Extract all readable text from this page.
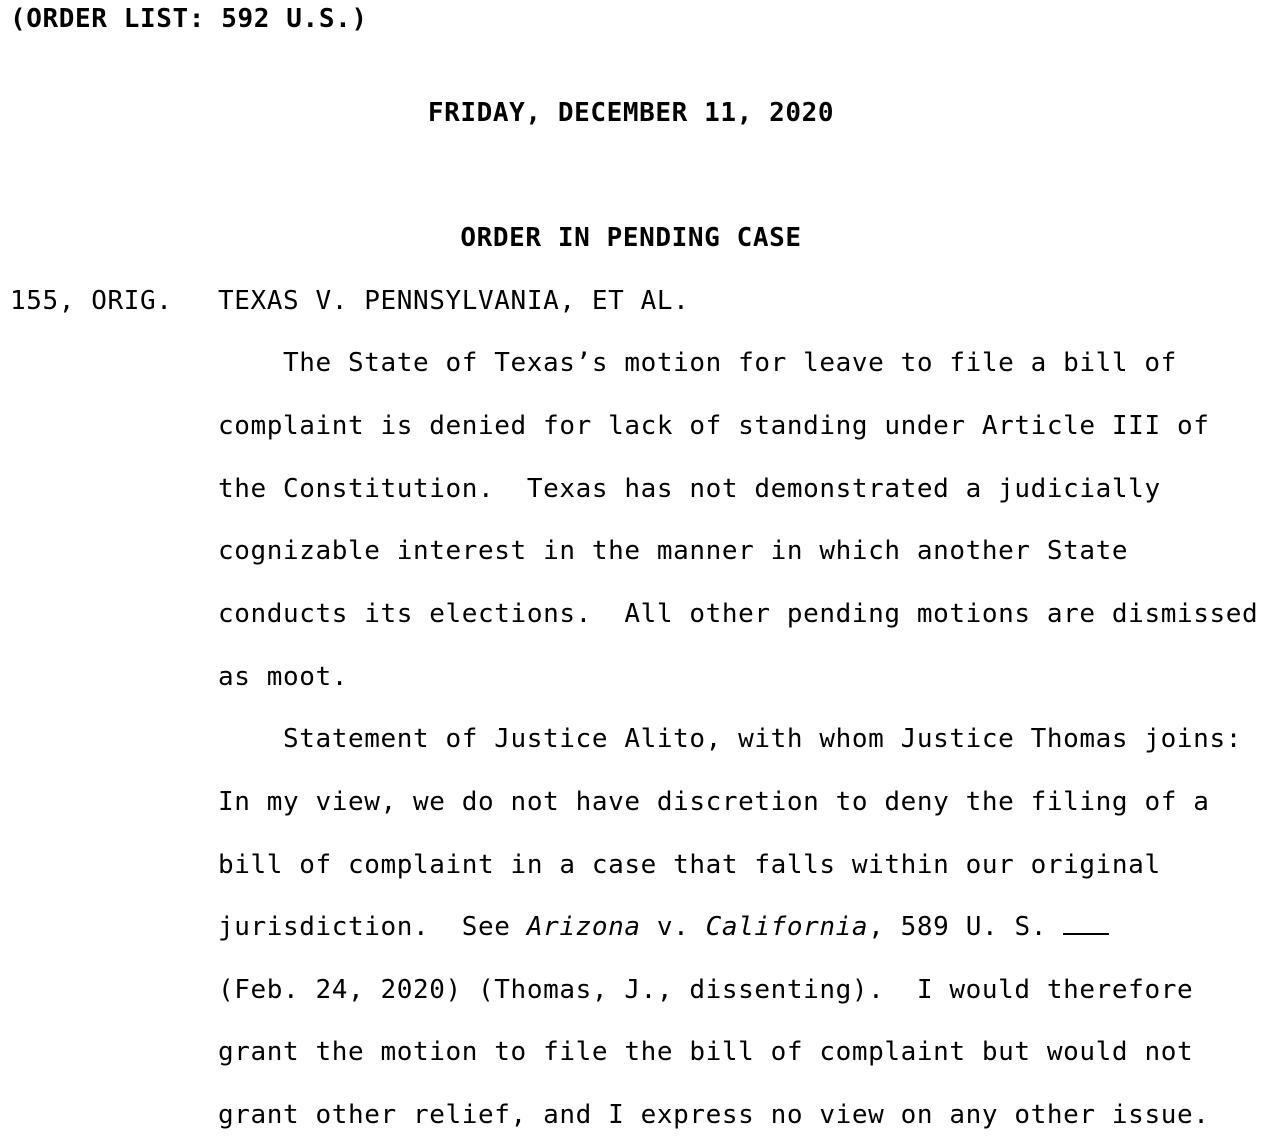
(ORDER LIST: 592 U.S.)
FRIDAY, DECEMBER 11, 2020
ORDER IN PENDING CASE
155, ORIG. TEXAS V. PENNSYLVANIA, ET AL.
The State of Texas’s motion for leave to file a bill of
complaint is denied for lack of standing under Article III of
the Constitution.  Texas has not demonstrated a judicially
cognizable interest in the manner in which another State
conducts its elections.  All other pending motions are dismissed
as moot.
Statement of Justice Alito, with whom Justice Thomas joins:
In my view, we do not have discretion to deny the filing of a
bill of complaint in a case that falls within our original
jurisdiction.  See Arizona v. California, 589 U. S.
(Feb. 24, 2020) (Thomas, J., dissenting).  I would therefore
grant the motion to file the bill of complaint but would not
grant other relief, and I express no view on any other issue.
